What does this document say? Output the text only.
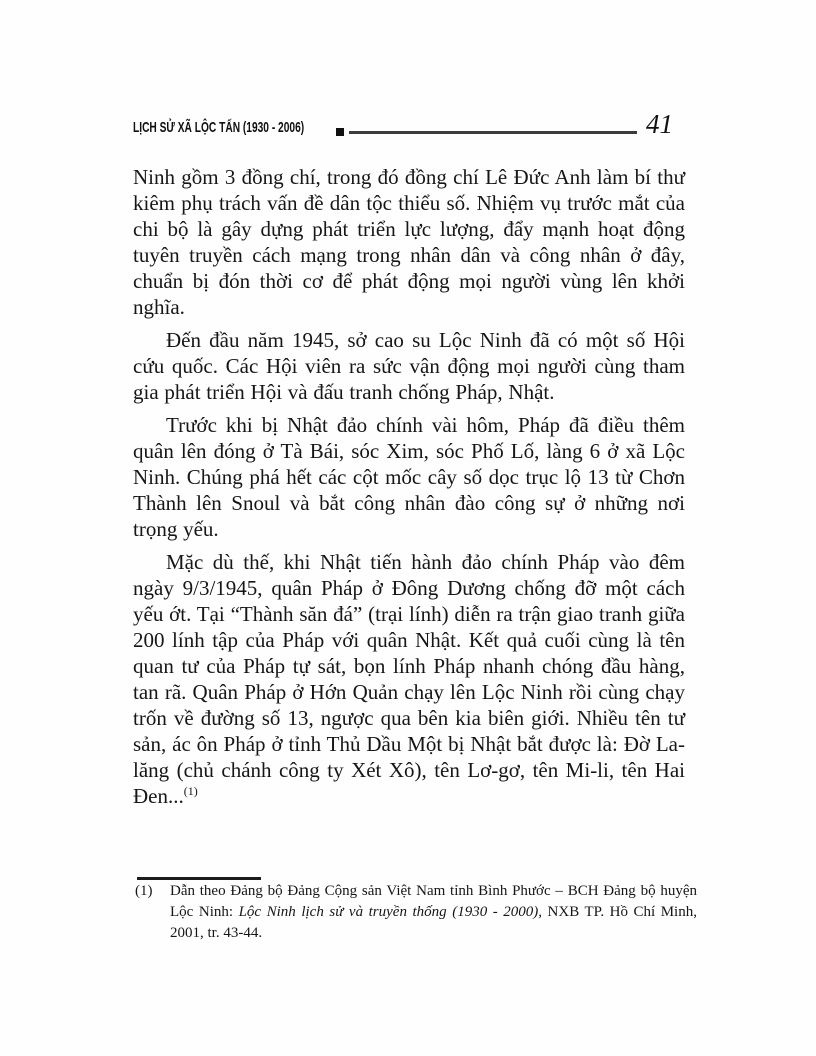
LỊCH SỬ XÃ LỘC TẤN (1930 - 2006)	41

Ninh gồm 3 đồng chí, trong đó đồng chí Lê Đức Anh làm bí thư kiêm phụ trách vấn đề dân tộc thiểu số. Nhiệm vụ trước mắt của chi bộ là gây dựng phát triển lực lượng, đẩy mạnh hoạt động tuyên truyền cách mạng trong nhân dân và công nhân ở đây, chuẩn bị đón thời cơ để phát động mọi người vùng lên khởi nghĩa.

Đến đầu năm 1945, sở cao su Lộc Ninh đã có một số Hội cứu quốc. Các Hội viên ra sức vận động mọi người cùng tham gia phát triển Hội và đấu tranh chống Pháp, Nhật.

Trước khi bị Nhật đảo chính vài hôm, Pháp đã điều thêm quân lên đóng ở Tà Bái, sóc Xim, sóc Phố Lố, làng 6 ở xã Lộc Ninh. Chúng phá hết các cột mốc cây số dọc trục lộ 13 từ Chơn Thành lên Snoul và bắt công nhân đào công sự ở những nơi trọng yếu.

Mặc dù thế, khi Nhật tiến hành đảo chính Pháp vào đêm ngày 9/3/1945, quân Pháp ở Đông Dương chống đỡ một cách yếu ớt. Tại “Thành săn đá” (trại lính) diễn ra trận giao tranh giữa 200 lính tập của Pháp với quân Nhật. Kết quả cuối cùng là tên quan tư của Pháp tự sát, bọn lính Pháp nhanh chóng đầu hàng, tan rã. Quân Pháp ở Hớn Quản chạy lên Lộc Ninh rồi cùng chạy trốn về đường số 13, ngược qua bên kia biên giới. Nhiều tên tư sản, ác ôn Pháp ở tỉnh Thủ Dầu Một bị Nhật bắt được là: Đờ La-lăng (chủ chánh công ty Xét Xô), tên Lơ-gơ, tên Mi-li, tên Hai Đen...$^{(1)}$

(1) Dẫn theo Đảng bộ Đảng Cộng sản Việt Nam tỉnh Bình Phước – BCH Đảng bộ huyện Lộc Ninh: Lộc Ninh lịch sử và truyền thống (1930 - 2000), NXB TP. Hồ Chí Minh, 2001, tr. 43-44.
